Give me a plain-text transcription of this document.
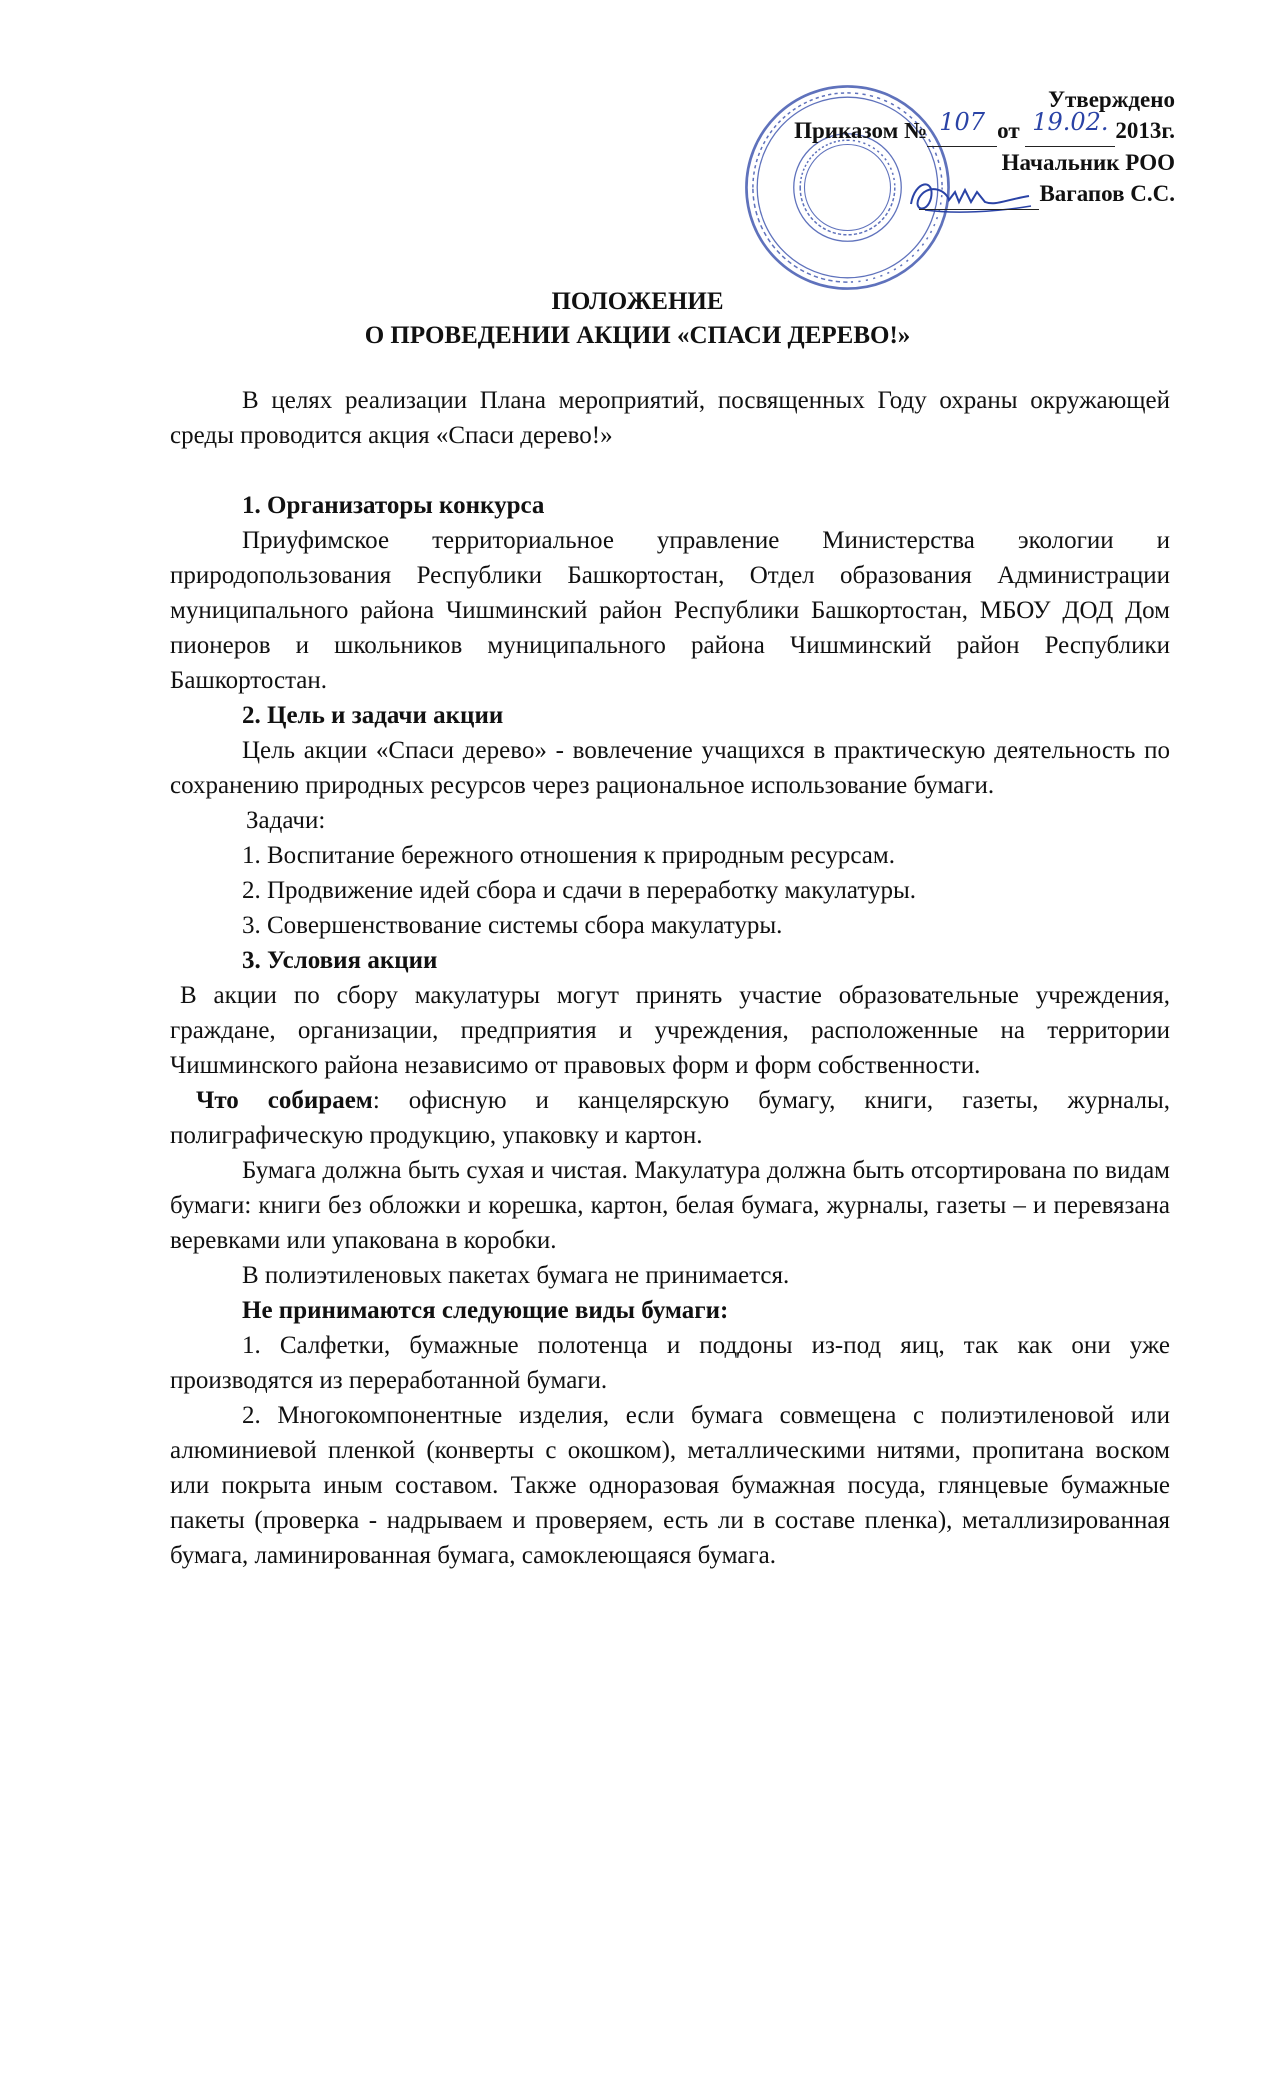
Утверждено
Приказом № 107 от 19.02. 2013г.
Начальник РОО
Вагапов С.С.
ПОЛОЖЕНИЕ
О ПРОВЕДЕНИИ АКЦИИ «СПАСИ ДЕРЕВО!»

В целях реализации Плана мероприятий, посвященных Году охраны окружающей среды проводится акция «Спаси дерево!»

1. Организаторы конкурса

Приуфимское территориальное управление Министерства экологии и природопользования Республики Башкортостан, Отдел образования Администрации муниципального района Чишминский район Республики Башкортостан, МБОУ ДОД Дом пионеров и школьников муниципального района Чишминский район Республики Башкортостан.

2. Цель и задачи акции

Цель акции «Спаси дерево» - вовлечение учащихся в практическую деятельность по сохранению природных ресурсов через рациональное использование бумаги.

Задачи:

1. Воспитание бережного отношения к природным ресурсам.

2. Продвижение идей сбора и сдачи в переработку макулатуры.

3. Совершенствование системы сбора макулатуры.

3. Условия акции

В акции по сбору макулатуры могут принять участие образовательные учреждения, граждане, организации, предприятия и учреждения, расположенные на территории Чишминского района независимо от правовых форм и форм собственности.

Что собираем: офисную и канцелярскую бумагу, книги, газеты, журналы, полиграфическую продукцию, упаковку и картон.

Бумага должна быть сухая и чистая. Макулатура должна быть отсортирована по видам бумаги: книги без обложки и корешка, картон, белая бумага, журналы, газеты – и перевязана веревками или упакована в коробки.

В полиэтиленовых пакетах бумага не принимается.

Не принимаются следующие виды бумаги:

1. Салфетки, бумажные полотенца и поддоны из-под яиц, так как они уже производятся из переработанной бумаги.

2. Многокомпонентные изделия, если бумага совмещена с полиэтиленовой или алюминиевой пленкой (конверты с окошком), металлическими нитями, пропитана воском или покрыта иным составом. Также одноразовая бумажная посуда, глянцевые бумажные пакеты (проверка - надрываем и проверяем, есть ли в составе пленка), металлизированная бумага, ламинированная бумага, самоклеющаяся бумага.
